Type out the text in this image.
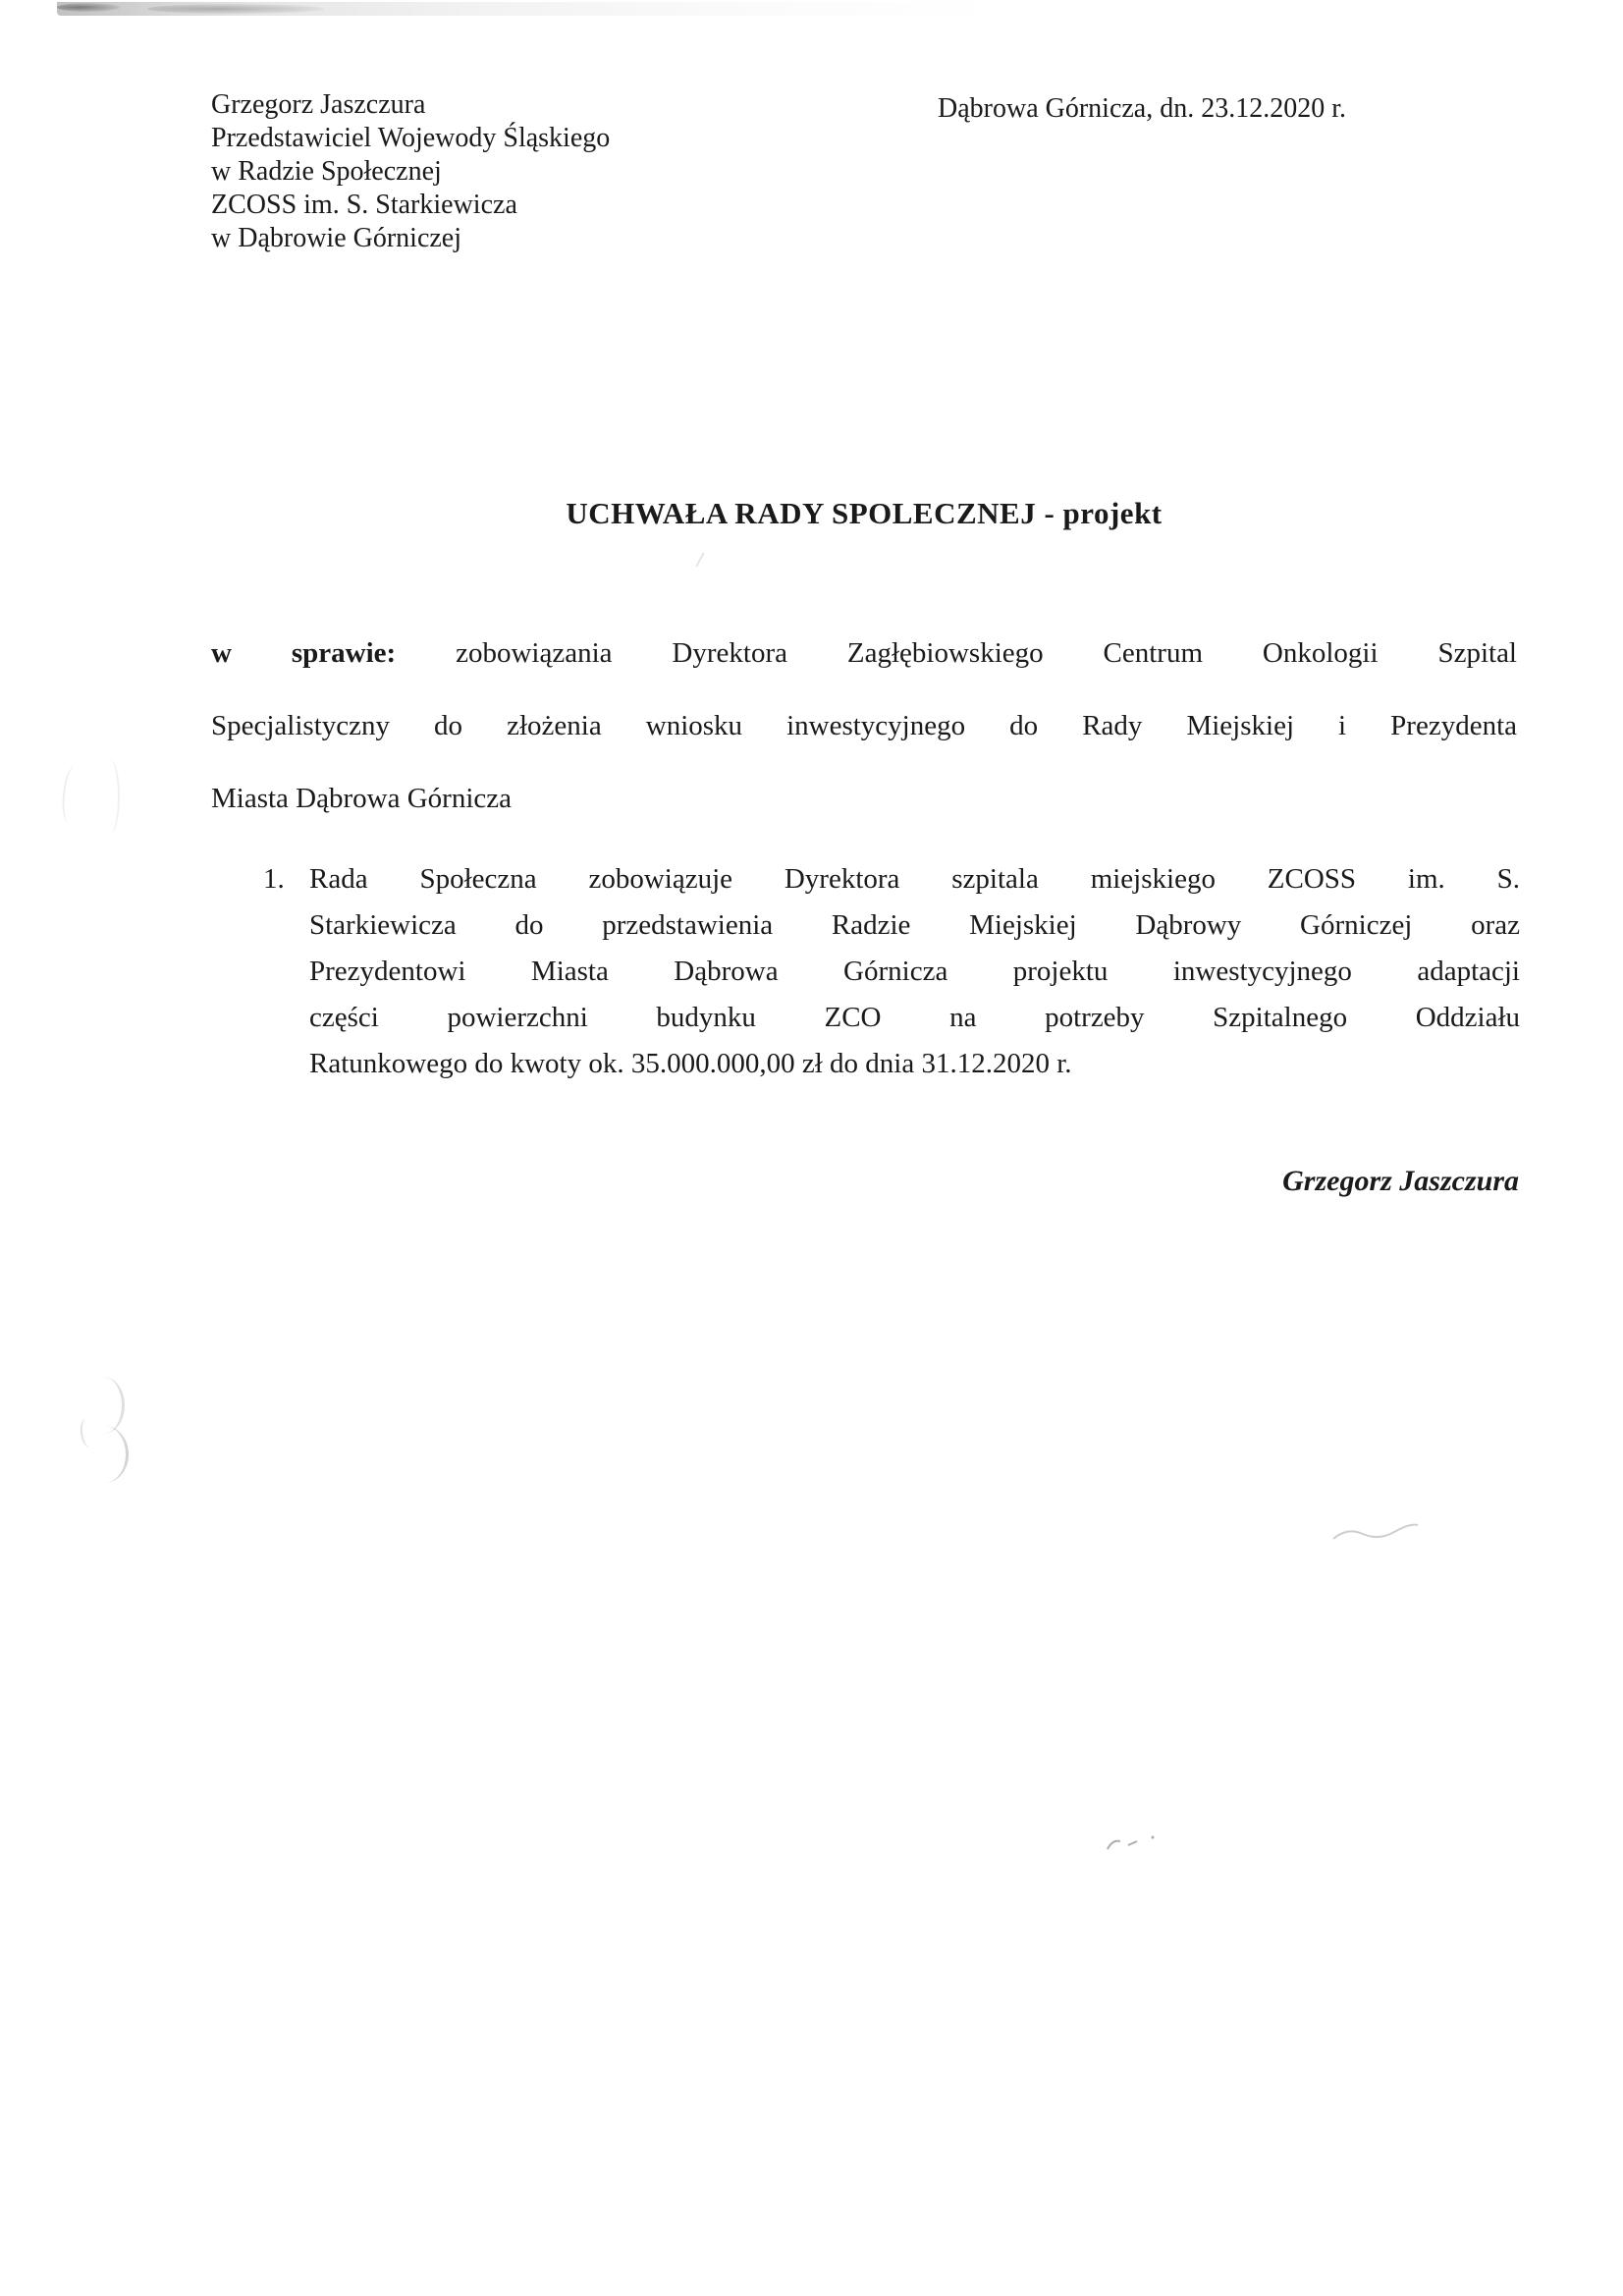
Grzegorz Jaszczura
Przedstawiciel Wojewody Śląskiego
w Radzie Społecznej
ZCOSS im. S. Starkiewicza
w Dąbrowie Górniczej
Dąbrowa Górnicza, dn. 23.12.2020 r.
UCHWAŁA RADY SPOLECZNEJ - projekt
w sprawie: zobowiązania Dyrektora Zagłębiowskiego Centrum Onkologii Szpital
Specjalistyczny do złożenia wniosku inwestycyjnego do Rady Miejskiej i Prezydenta
Miasta Dąbrowa Górnicza
1. Rada Społeczna zobowiązuje Dyrektora szpitala miejskiego ZCOSS im. S.
Starkiewicza do przedstawienia Radzie Miejskiej Dąbrowy Górniczej oraz
Prezydentowi Miasta Dąbrowa Górnicza projektu inwestycyjnego adaptacji
części powierzchni budynku ZCO na potrzeby Szpitalnego Oddziału
Ratunkowego do kwoty ok. 35.000.000,00 zł do dnia 31.12.2020 r.
Grzegorz Jaszczura
